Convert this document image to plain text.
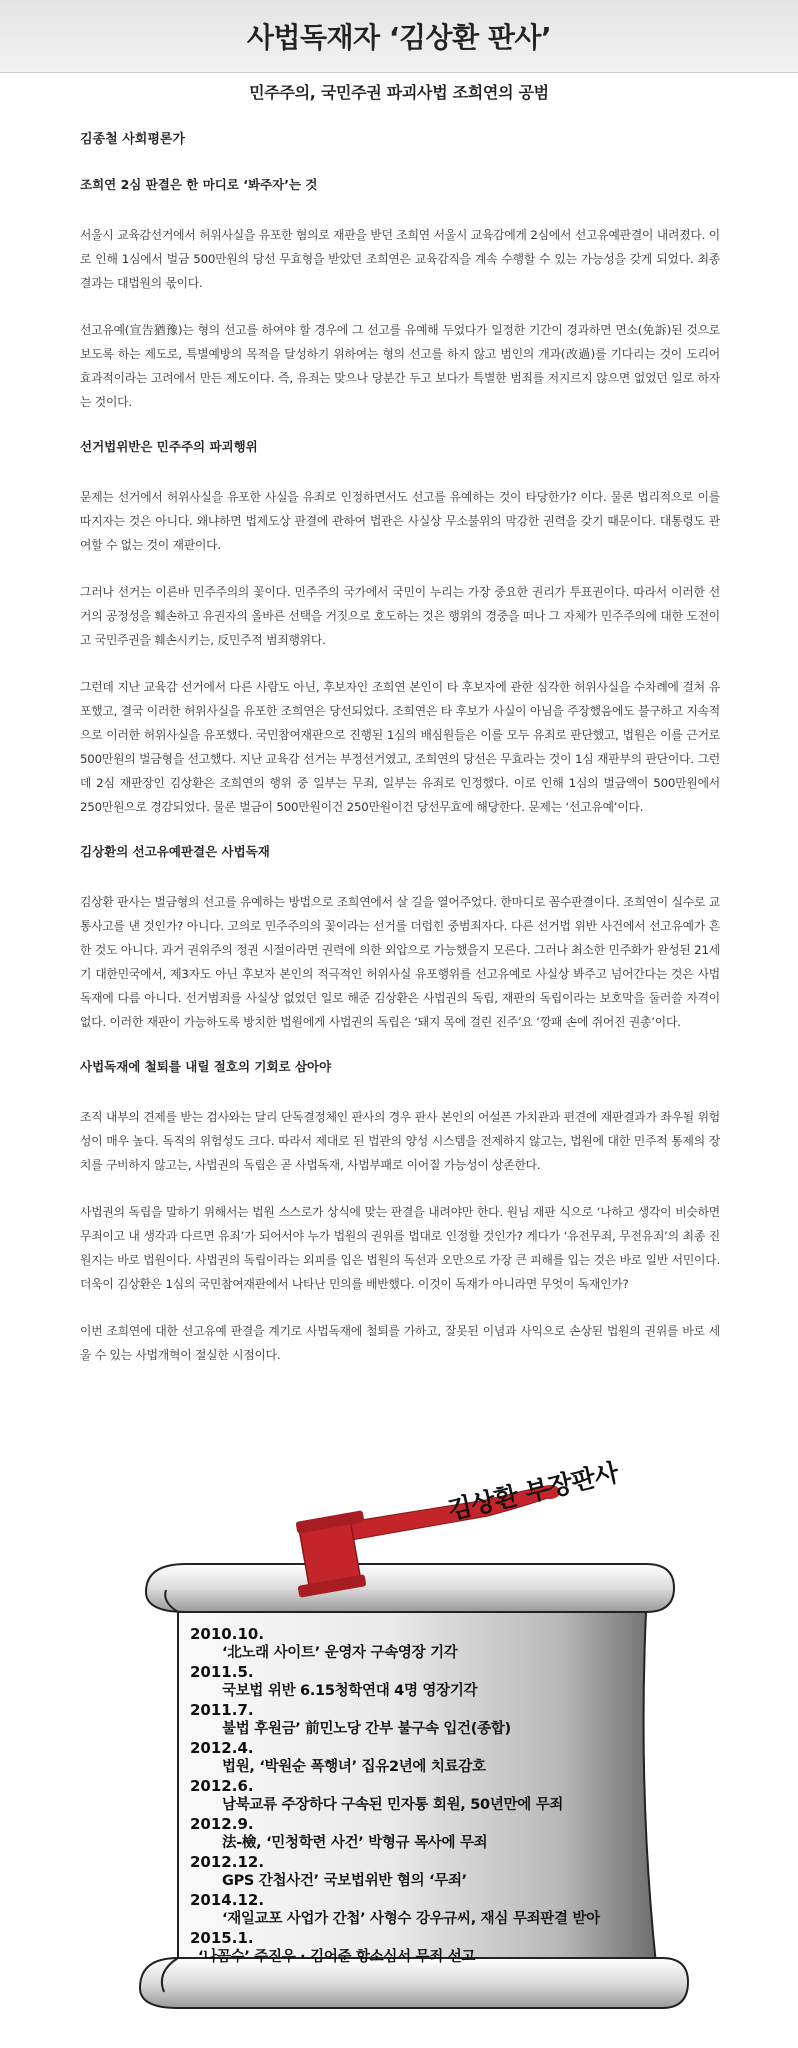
사법독재자 ‘김상환 판사’
민주주의, 국민주권 파괴사법 조희연의 공범
김종철 사회평론가
조희연 2심 판결은 한 마디로 ‘봐주자’는 것

서울시 교육감선거에서 허위사실을 유포한 혐의로 재판을 받던 조희연 서울시 교육감에게 2심에서 선고유예판결이 내려졌다. 이로 인해 1심에서 벌금 500만원의 당선 무효형을 받았던 조희연은 교육감직을 계속 수행할 수 있는 가능성을 갖게 되었다. 최종 결과는 대법원의 몫이다.

선고유예(宣告猶豫)는 형의 선고를 하여야 할 경우에 그 선고를 유예해 두었다가 일정한 기간이 경과하면 면소(免訴)된 것으로 보도록 하는 제도로, 특별예방의 목적을 달성하기 위하여는 형의 선고를 하지 않고 범인의 개과(改過)를 기다리는 것이 도리어 효과적이라는 고려에서 만든 제도이다. 즉, 유죄는 맞으나 당분간 두고 보다가 특별한 범죄를 저지르지 않으면 없었던 일로 하자는 것이다.

선거법위반은 민주주의 파괴행위

문제는 선거에서 허위사실을 유포한 사실을 유죄로 인정하면서도 선고를 유예하는 것이 타당한가? 이다. 물론 법리적으로 이를 따지자는 것은 아니다. 왜냐하면 법제도상 판결에 관하여 법관은 사실상 무소불위의 막강한 권력을 갖기 때문이다. 대통령도 관여할 수 없는 것이 재판이다.

그러나 선거는 이른바 민주주의의 꽃이다. 민주주의 국가에서 국민이 누리는 가장 중요한 권리가 투표권이다. 따라서 이러한 선거의 공정성을 훼손하고 유권자의 올바른 선택을 거짓으로 호도하는 것은 행위의 경중을 떠나 그 자체가 민주주의에 대한 도전이고 국민주권을 훼손시키는, 反민주적 범죄행위다.

그런데 지난 교육감 선거에서 다른 사람도 아닌, 후보자인 조희연 본인이 타 후보자에 관한 심각한 허위사실을 수차례에 걸쳐 유포했고, 결국 이러한 허위사실을 유포한 조희연은 당선되었다. 조희연은 타 후보가 사실이 아님을 주장했음에도 불구하고 지속적으로 이러한 허위사실을 유포했다. 국민참여재판으로 진행된 1심의 배심원들은 이를 모두 유죄로 판단했고, 법원은 이를 근거로 500만원의 벌금형을 선고했다. 지난 교육감 선거는 부정선거였고, 조희연의 당선은 무효라는 것이 1심 재판부의 판단이다. 그런데 2심 재판장인 김상환은 조희연의 행위 중 일부는 무죄, 일부는 유죄로 인정했다. 이로 인해 1심의 벌금액이 500만원에서 250만원으로 경감되었다. 물론 벌금이 500만원이건 250만원이건 당선무효에 해당한다. 문제는 ‘선고유예’이다.

김상환의 선고유예판결은 사법독재

김상환 판사는 벌금형의 선고를 유예하는 방법으로 조희연에서 살 길을 열어주었다. 한마디로 꼼수판결이다. 조희연이 실수로 교통사고를 낸 것인가? 아니다. 고의로 민주주의의 꽃이라는 선거를 더럽힌 중범죄자다. 다른 선거법 위반 사건에서 선고유예가 흔한 것도 아니다. 과거 권위주의 정권 시절이라면 권력에 의한 외압으로 가능했을지 모른다. 그러나 최소한 민주화가 완성된 21세기 대한민국에서, 제3자도 아닌 후보자 본인의 적극적인 허위사실 유포행위를 선고유예로 사실상 봐주고 넘어간다는 것은 사법독재에 다름 아니다. 선거범죄를 사실상 없었던 일로 해준 김상환은 사법권의 독립, 재판의 독립이라는 보호막을 둘러쓸 자격이 없다. 이러한 재판이 가능하도록 방치한 법원에게 사법권의 독립은 ‘돼지 목에 걸린 진주’요 ‘깡패 손에 쥐어진 권총’이다.

사법독재에 철퇴를 내릴 절호의 기회로 삼아야

조직 내부의 견제를 받는 검사와는 달리 단독결정체인 판사의 경우 판사 본인의 어설픈 가치관과 편견에 재판결과가 좌우될 위험성이 매우 높다. 독직의 위험성도 크다. 따라서 제대로 된 법관의 양성 시스템을 전제하지 않고는, 법원에 대한 민주적 통제의 장치를 구비하지 않고는, 사법권의 독립은 곧 사법독재, 사법부패로 이어질 가능성이 상존한다.

사법권의 독립을 말하기 위해서는 법원 스스로가 상식에 맞는 판결을 내려야만 한다. 원님 재판 식으로 ‘나하고 생각이 비슷하면 무죄이고 내 생각과 다르면 유죄’가 되어서야 누가 법원의 권위를 법대로 인정할 것인가? 게다가 ‘유전무죄, 무전유죄’의 최종 진원지는 바로 법원이다. 사법권의 독립이라는 외피를 입은 법원의 독선과 오만으로 가장 큰 피해를 입는 것은 바로 일반 서민이다. 더욱이 김상환은 1심의 국민참여재판에서 나타난 민의를 배반했다. 이것이 독재가 아니라면 무엇이 독재인가?

이번 조희연에 대한 선고유예 판결을 계기로 사법독재에 철퇴를 가하고, 잘못된 이념과 사익으로 손상된 법원의 권위를 바로 세울 수 있는 사법개혁이 절실한 시점이다.

김상환 부장판사
2010.10.
‘北노래 사이트’ 운영자 구속영장 기각
2011.5.
국보법 위반 6.15청학연대 4명 영장기각
2011.7.
불법 후원금’ 前민노당 간부 불구속 입건(종합)
2012.4.
법원, ‘박원순 폭행녀’ 집유2년에 치료감호
2012.6.
남북교류 주장하다 구속된 민자통 회원, 50년만에 무죄
2012.9.
法-檢, ‘민청학련 사건’ 박형규 목사에 무죄
2012.12.
GPS 간첩사건’ 국보법위반 혐의 ‘무죄’
2014.12.
‘재일교포 사업가 간첩’ 사형수 강우규씨, 재심 무죄판결 받아
2015.1.
‘나꼼수’ 주진우 · 김어준 항소심서 무죄 선고
